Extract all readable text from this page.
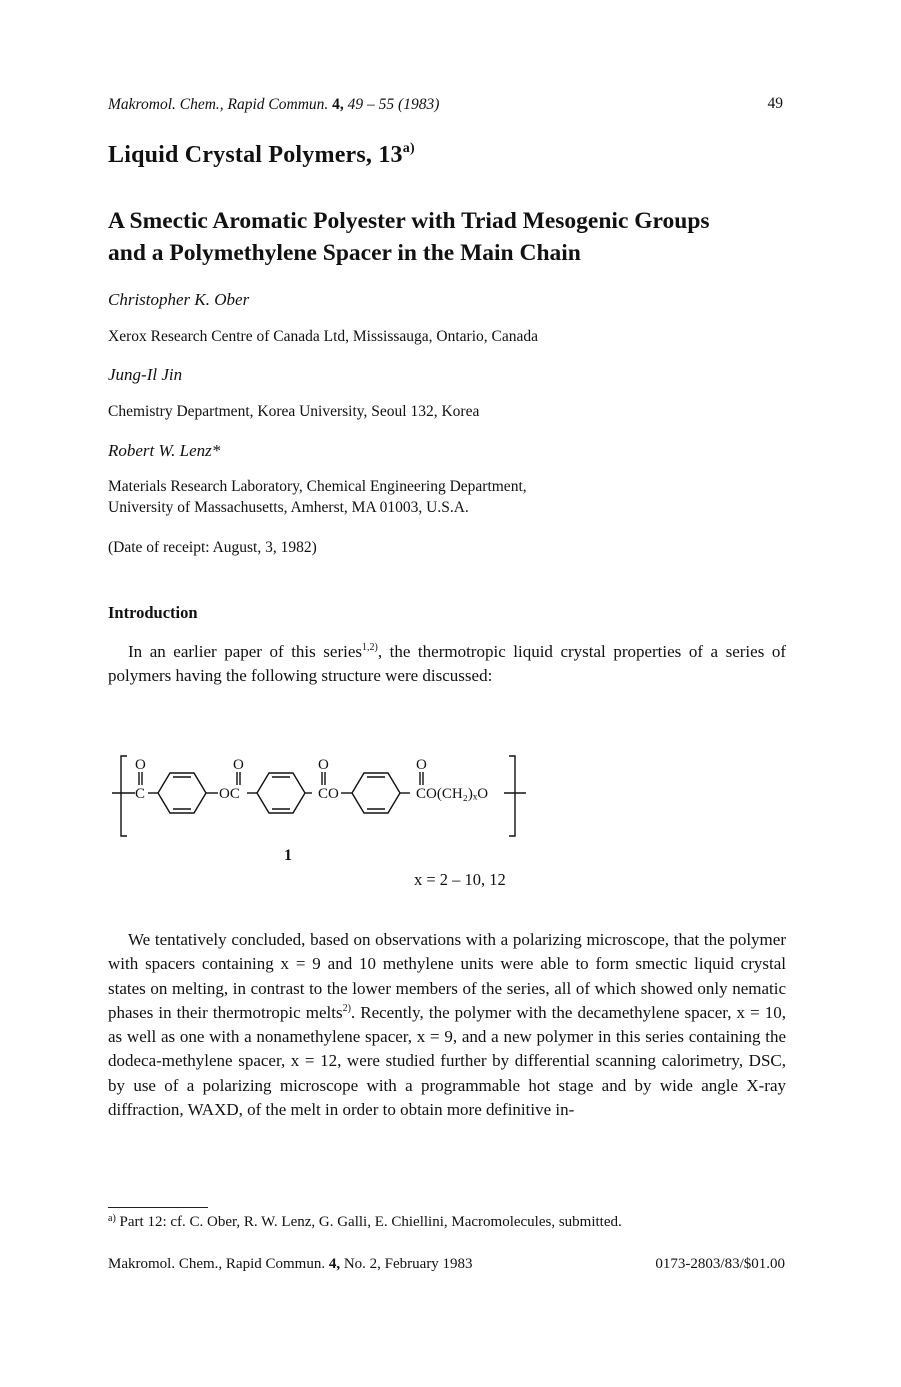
Makromol. Chem., Rapid Commun. 4, 49 – 55 (1983)	49
Liquid Crystal Polymers, 13$^{a)}$
A Smectic Aromatic Polyester with Triad Mesogenic Groups
and a Polymethylene Spacer in the Main Chain
Christopher K. Ober
Xerox Research Centre of Canada Ltd, Mississauga, Ontario, Canada
Jung-Il Jin
Chemistry Department, Korea University, Seoul 132, Korea
Robert W. Lenz*
Materials Research Laboratory, Chemical Engineering Department,
University of Massachusetts, Amherst, MA 01003, U.S.A.
(Date of receipt: August, 3, 1982)
Introduction
In an earlier paper of this series$^{1,2)}$, the thermotropic liquid crystal properties of a series of polymers having the following structure were discussed:
O
C
O
OC
O
CO
O
CO(CH₂)ₓO
1
x = 2 – 10, 12
We tentatively concluded, based on observations with a polarizing microscope, that the polymer with spacers containing x = 9 and 10 methylene units were able to form smectic liquid crystal states on melting, in contrast to the lower members of the series, all of which showed only nematic phases in their thermotropic melts$^{2)}$. Recently, the polymer with the decamethylene spacer, x = 10, as well as one with a nonamethylene spacer, x = 9, and a new polymer in this series containing the dodeca-methylene spacer, x = 12, were studied further by differential scanning calorimetry, DSC, by use of a polarizing microscope with a programmable hot stage and by wide angle X-ray diffraction, WAXD, of the melt in order to obtain more definitive in-
$^{a)}$ Part 12: cf. C. Ober, R. W. Lenz, G. Galli, E. Chiellini, Macromolecules, submitted.
Makromol. Chem., Rapid Commun. 4, No. 2, February 1983	0173-2803/83/$01.00
